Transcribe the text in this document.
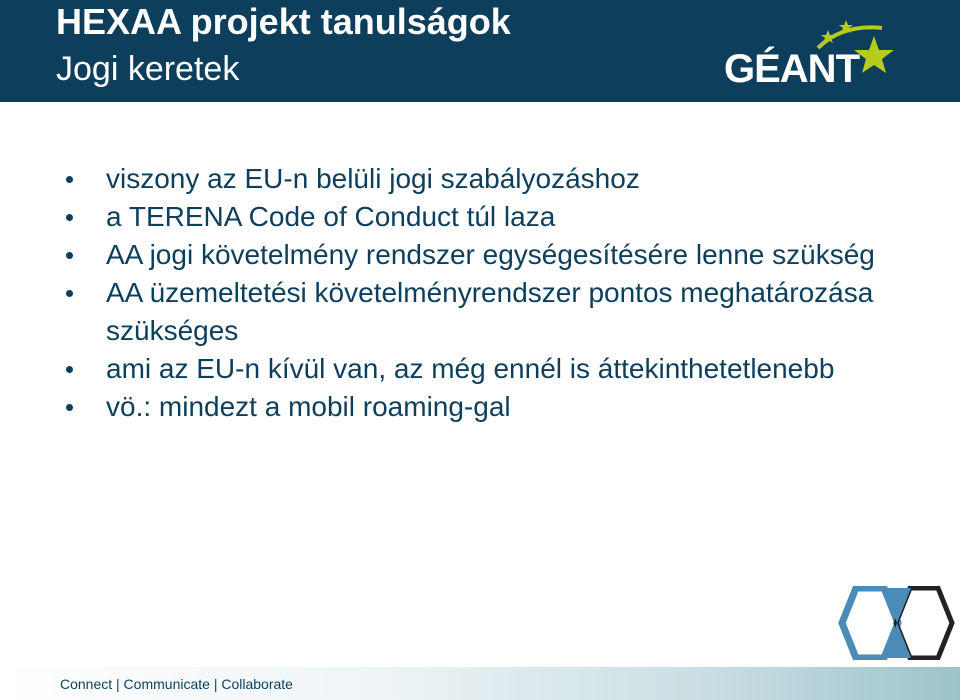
HEXAA projekt tanulságok
Jogi keretek	GÉANT
viszony az EU-n belüli jogi szabályozáshoz
a TERENA Code of Conduct túl laza
AA jogi követelmény rendszer egységesítésére lenne szükség
AA üzemeltetési követelményrendszer pontos meghatározása szükséges
ami az EU-n kívül van, az még ennél is áttekinthetetlenebb
vö.: mindezt a mobil roaming-gal
Connect | Communicate | Collaborate
